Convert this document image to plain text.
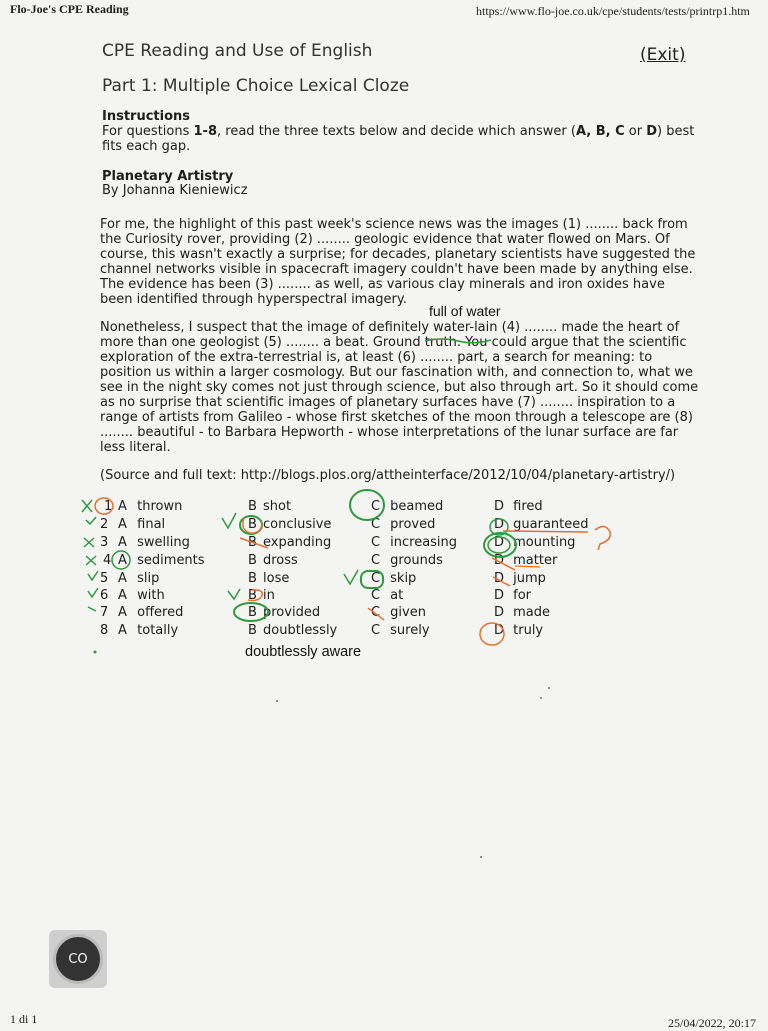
Flo-Joe's CPE Reading	https://www.flo-joe.co.uk/cpe/students/tests/printrp1.htm
CPE Reading and Use of English	(Exit)
Part 1: Multiple Choice Lexical Cloze
Instructions
For questions 1-8, read the three texts below and decide which answer (A, B, C or D) best fits each gap.
Planetary Artistry
By Johanna Kieniewicz
For me, the highlight of this past week's science news was the images (1) ........ back from the Curiosity rover, providing (2) ........ geologic evidence that water flowed on Mars. Of course, this wasn't exactly a surprise; for decades, planetary scientists have suggested the channel networks visible in spacecraft imagery couldn't have been made by anything else. The evidence has been (3) ........ as well, as various clay minerals and iron oxides have been identified through hyperspectral imagery.
full of water
Nonetheless, I suspect that the image of definitely water-lain (4) ........ made the heart of more than one geologist (5) ........ a beat. Ground truth. You could argue that the scientific exploration of the extra-terrestrial is, at least (6) ........ part, a search for meaning: to position us within a larger cosmology. But our fascination with, and connection to, what we see in the night sky comes not just through science, but also through art. So it should come as no surprise that scientific images of planetary surfaces have (7) ........ inspiration to a range of artists from Galileo - whose first sketches of the moon through a telescope are (8) ........ beautiful - to Barbara Hepworth - whose interpretations of the lunar surface are far less literal.
(Source and full text: http://blogs.plos.org/attheinterface/2012/10/04/planetary-artistry/)
1 A thrown	B shot	C beamed	D fired
2 A final	B conclusive	C proved	D guaranteed
3 A swelling	B expanding	C increasing	D mounting
4 A sediments	B dross	C grounds	D matter
5 A slip	B lose	C skip	D jump
6 A with	B in	C at	D for
7 A offered	B provided	C given	D made
8 A totally	B doubtlessly	C surely	D truly
doubtlessly aware
CO
1 di 1	25/04/2022, 20:17
